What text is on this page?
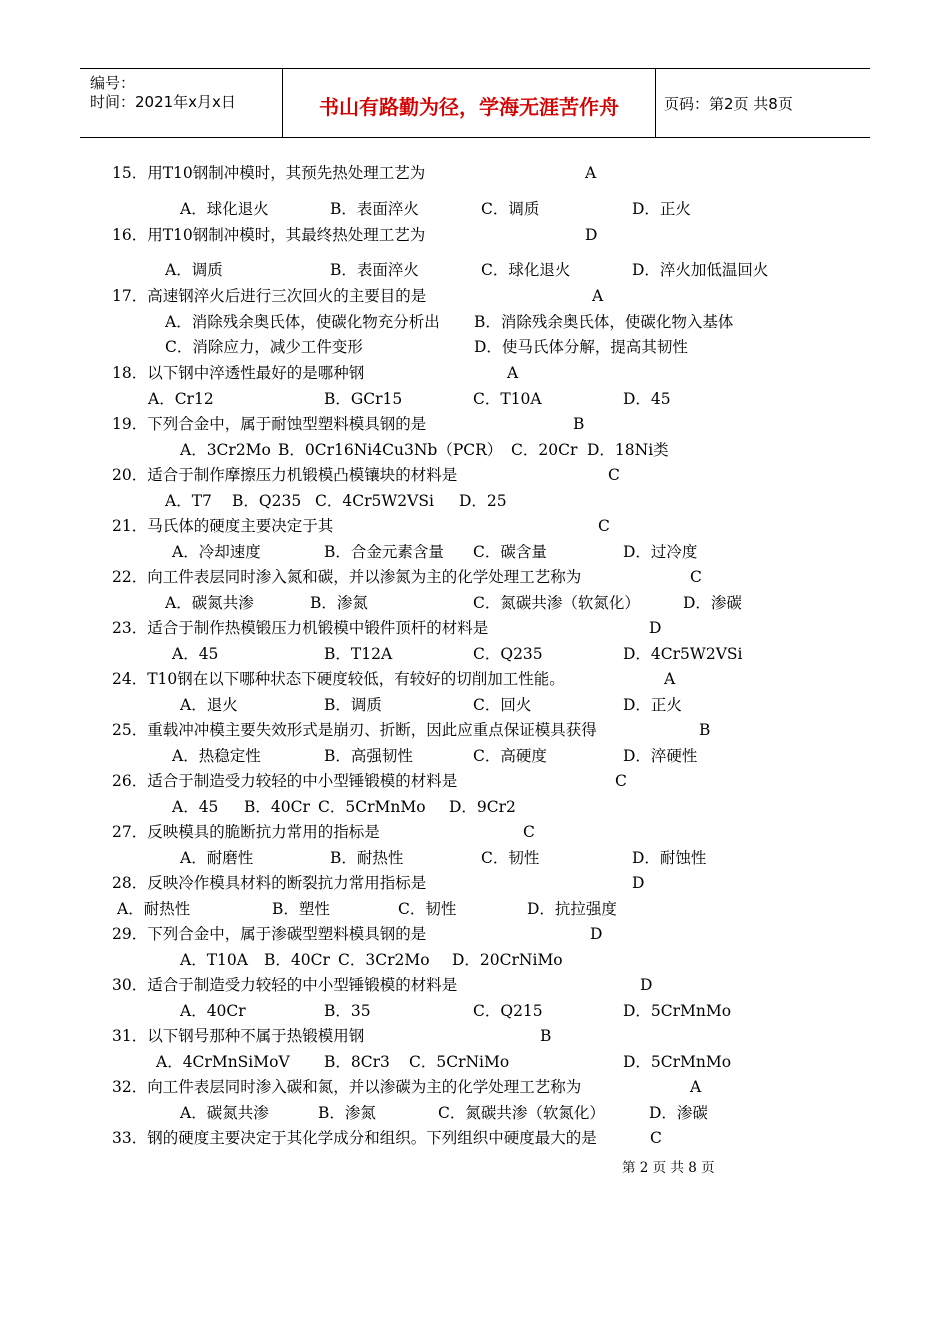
编号：
时间：2021年x月x日	书山有路勤为径，学海无涯苦作舟	页码：第2页 共8页
15．用T10钢制冲模时，其预先热处理工艺为	A
A．球化退火	B．表面淬火	C．调质	D．正火
16．用T10钢制冲模时，其最终热处理工艺为	D
A．调质	B．表面淬火	C．球化退火	D．淬火加低温回火
17．高速钢淬火后进行三次回火的主要目的是	A
A．消除残余奥氏体，使碳化物充分析出 B．消除残余奥氏体，使碳化物入基体
C．消除应力，减少工件变形	D．使马氏体分解，提高其韧性
18．以下钢中淬透性最好的是哪种钢	A
A．Cr12	B．GCr15	C．T10A	D．45
19．下列合金中，属于耐蚀型塑料模具钢的是	B
A．3Cr2Mo B．0Cr16Ni4Cu3Nb（PCR） C．20Cr D．18Ni类
20．适合于制作摩擦压力机锻模凸模镶块的材料是	C
A．T7 B．Q235 C．4Cr5W2VSi D．25
21．马氏体的硬度主要决定于其	C
A．冷却速度	B．合金元素含量 C．碳含量	D．过冷度
22．向工件表层同时渗入氮和碳，并以渗氮为主的化学处理工艺称为	C
A．碳氮共渗	B．渗氮	C．氮碳共渗（软氮化）	D．渗碳
23．适合于制作热模锻压力机锻模中锻件顶杆的材料是	D
A．45	B．T12A	C．Q235	D．4Cr5W2VSi
24．T10钢在以下哪种状态下硬度较低，有较好的切削加工性能。	A
A．退火	B．调质	C．回火	D．正火
25．重载冲冲模主要失效形式是崩刃、折断，因此应重点保证模具获得	B
A．热稳定性	B．高强韧性	C．高硬度	D．淬硬性
26．适合于制造受力较轻的中小型锤锻模的材料是	C
A．45 B．40Cr C．5CrMnMo D．9Cr2
27．反映模具的脆断抗力常用的指标是	C
A．耐磨性	B．耐热性	C．韧性	D．耐蚀性
28．反映冷作模具材料的断裂抗力常用指标是	D
A．耐热性	B．塑性	C．韧性	D．抗拉强度
29．下列合金中，属于渗碳型塑料模具钢的是	D
A．T10A B．40Cr C．3Cr2Mo D．20CrNiMo
30．适合于制造受力较轻的中小型锤锻模的材料是	D
A．40Cr	B．35	C．Q215	D．5CrMnMo
31．以下钢号那种不属于热锻模用钢	B
A．4CrMnSiMoV B．8Cr3 C．5CrNiMo	D．5CrMnMo
32．向工件表层同时渗入碳和氮，并以渗碳为主的化学处理工艺称为	A
A．碳氮共渗	B．渗氮	C．氮碳共渗（软氮化）	D．渗碳
33．钢的硬度主要决定于其化学成分和组织。下列组织中硬度最大的是	C
第 2 页 共 8 页
